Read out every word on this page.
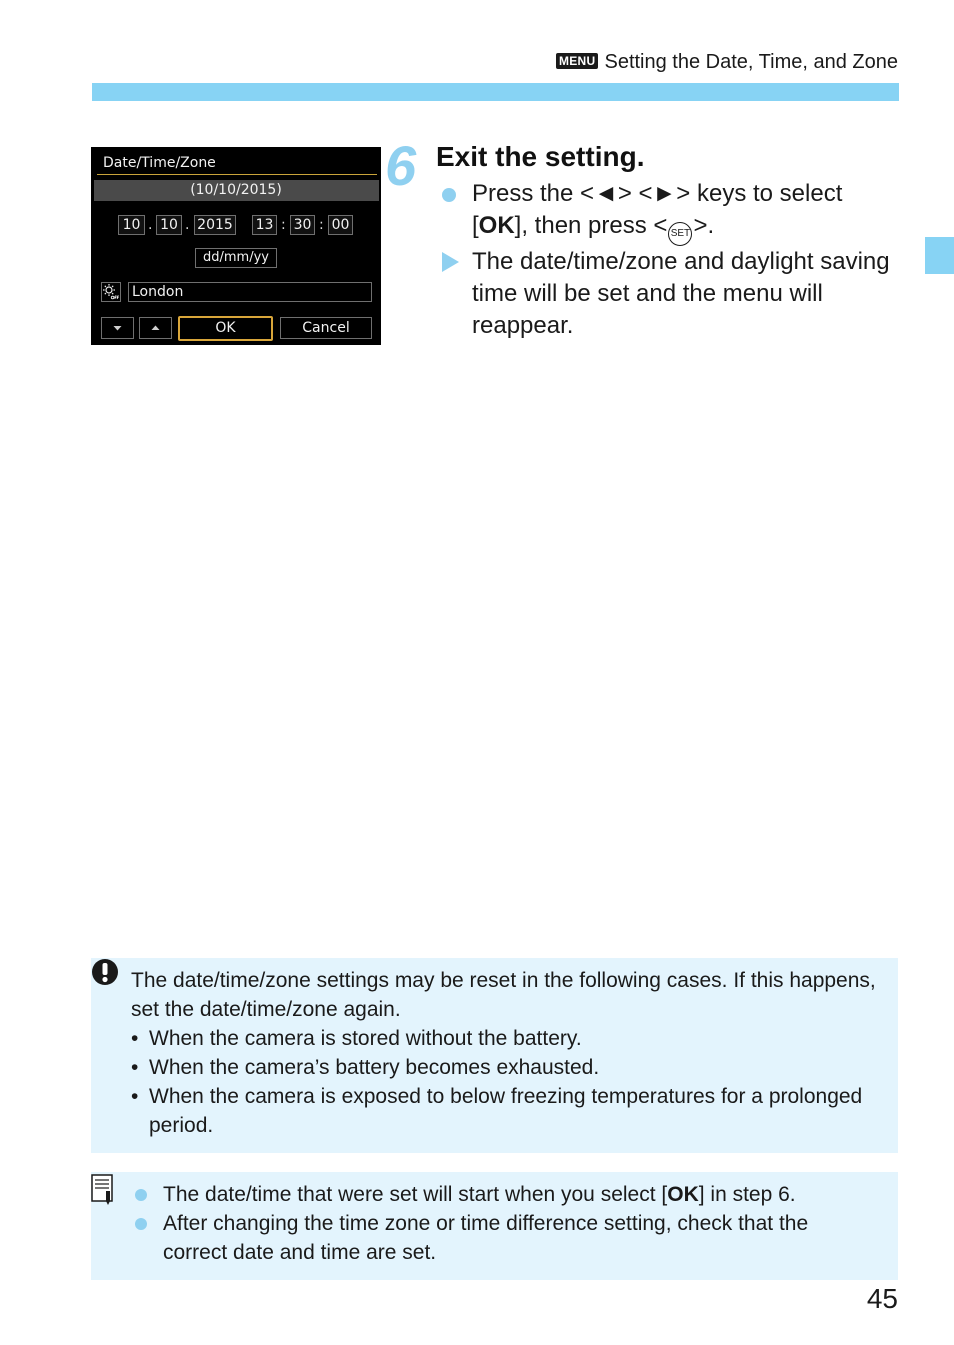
MENU Setting the Date, Time, and Zone
Date/Time/Zone
(10/10/2015)
10 . 10 . 2015 13 : 30 : 00
dd/mm/yy
London
OK	Cancel
6 Exit the setting.
Press the <◄> <►> keys to select
[OK], then press < SET >.
The date/time/zone and daylight saving time will be set and the menu will reappear.
The date/time/zone settings may be reset in the following cases. If this happens, set the date/time/zone again.
• When the camera is stored without the battery.
• When the camera’s battery becomes exhausted.
• When the camera is exposed to below freezing temperatures for a prolonged period.
The date/time that were set will start when you select [OK] in step 6.
After changing the time zone or time difference setting, check that the correct date and time are set.
45
